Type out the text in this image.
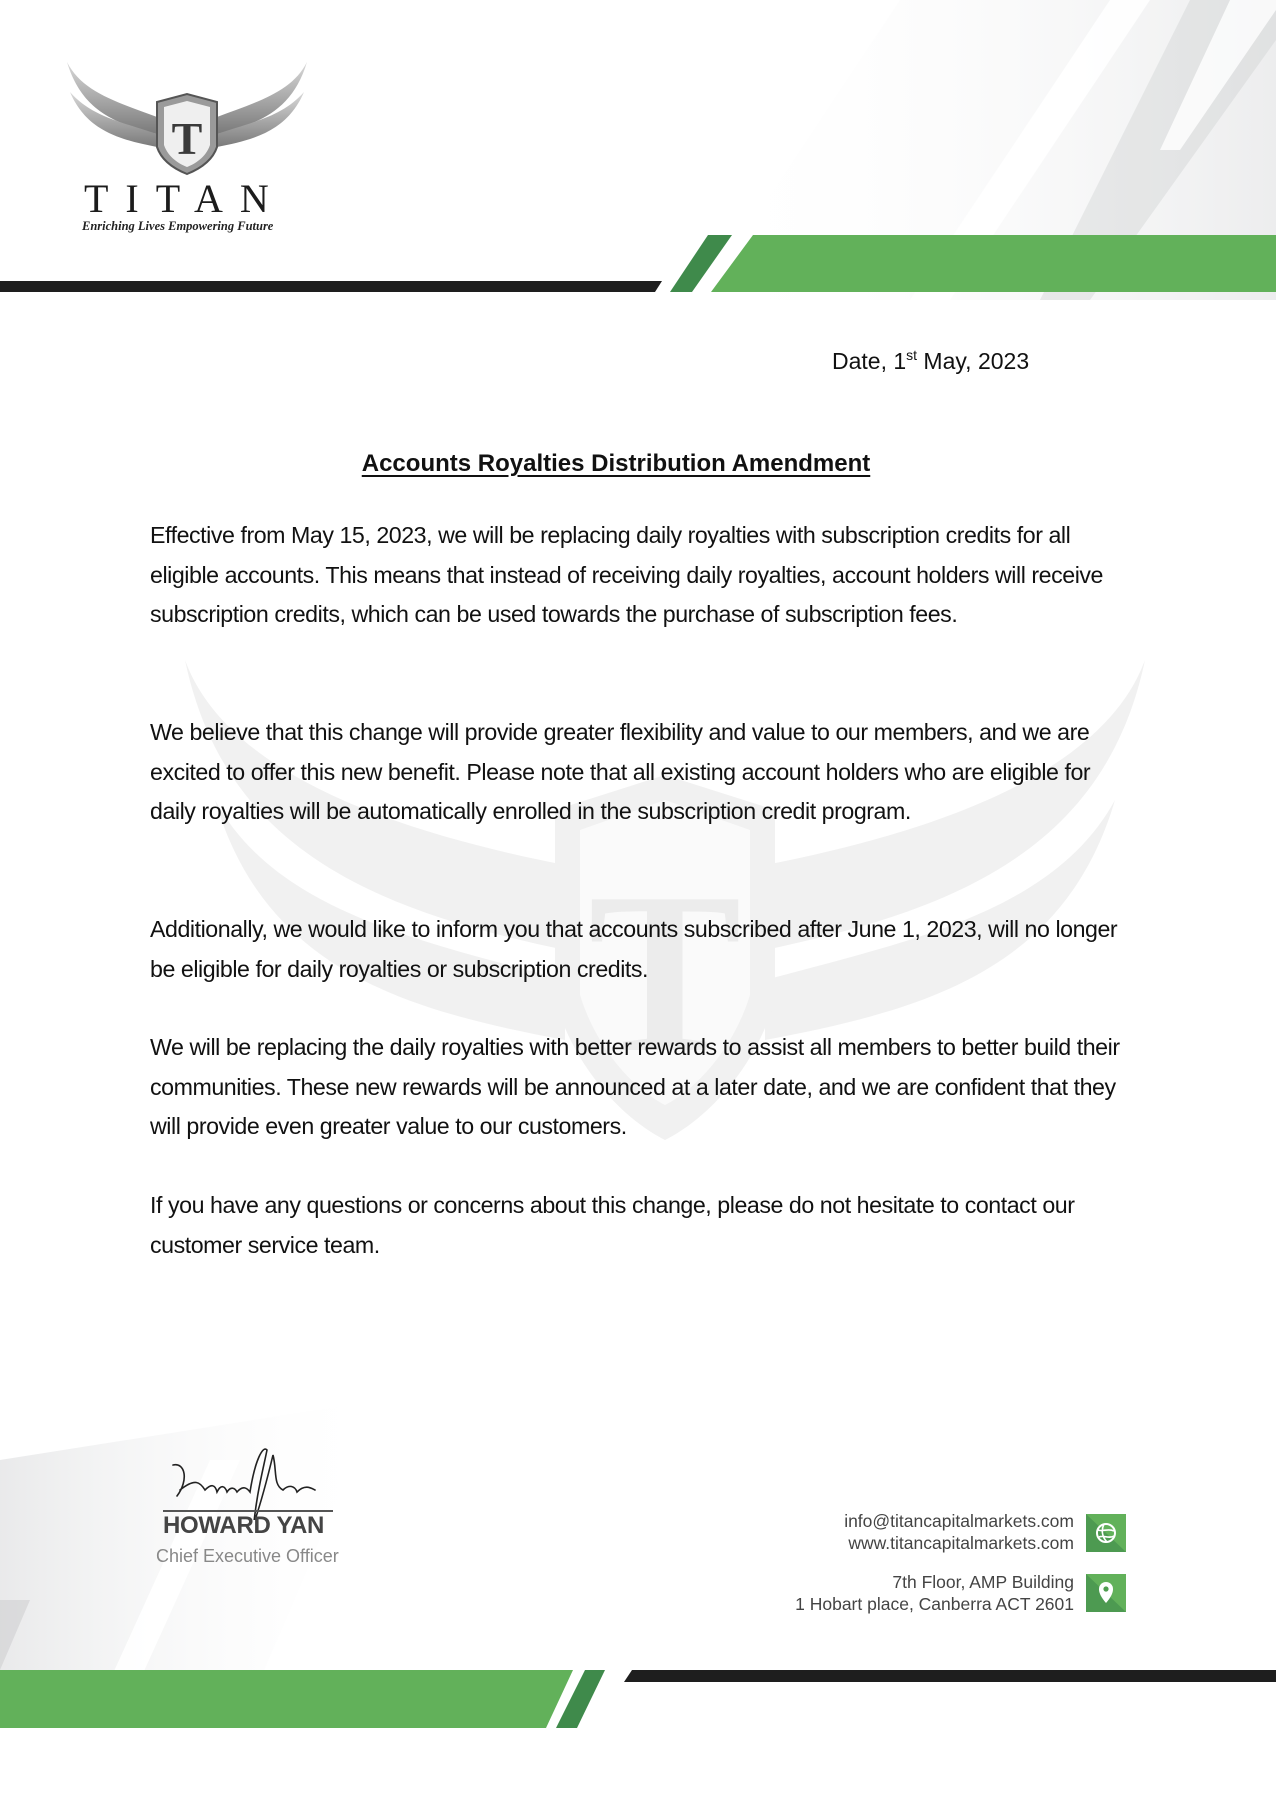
T
TITAN
Enriching Lives Empowering Future
T
Date, 1st May, 2023
Accounts Royalties Distribution Amendment

Effective from May 15, 2023, we will be replacing daily royalties with subscription credits for all eligible accounts. This means that instead of receiving daily royalties, account holders will receive subscription credits, which can be used towards the purchase of subscription fees.

We believe that this change will provide greater flexibility and value to our members, and we are excited to offer this new benefit. Please note that all existing account holders who are eligible for daily royalties will be automatically enrolled in the subscription credit program.

Additionally, we would like to inform you that accounts subscribed after June 1, 2023, will no longer be eligible for daily royalties or subscription credits.

We will be replacing the daily royalties with better rewards to assist all members to better build their communities. These new rewards will be announced at a later date, and we are confident that they will provide even greater value to our customers.

If you have any questions or concerns about this change, please do not hesitate to contact our customer service team.

HOWARD YAN
Chief Executive Officer
info@titancapitalmarkets.com
www.titancapitalmarkets.com
7th Floor, AMP Building
1 Hobart place, Canberra ACT 2601
